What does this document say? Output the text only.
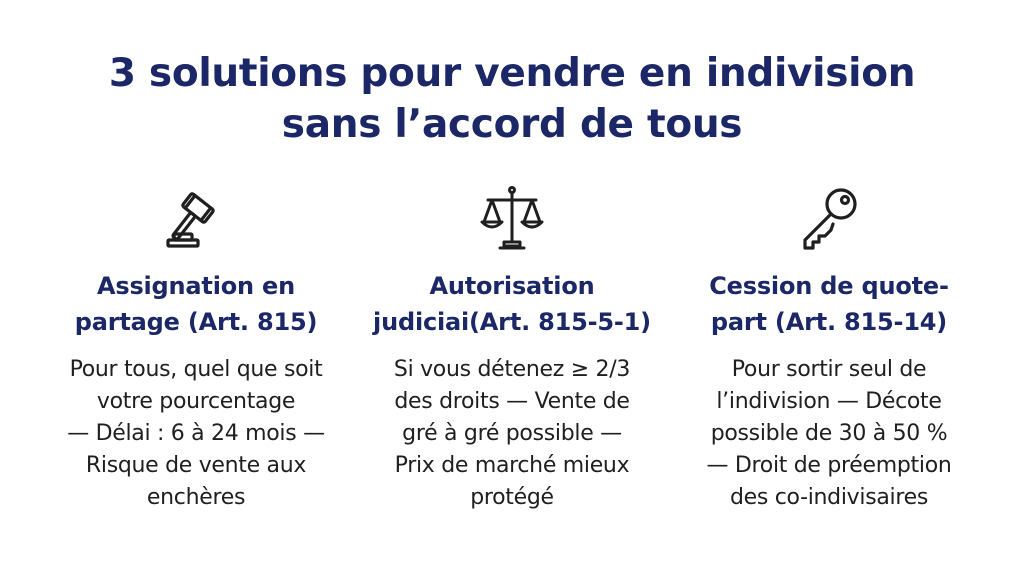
3 solutions pour vendre en indivision
sans l’accord de tous
Assignation en
partage (Art. 815)
Pour tous, quel que soit
votre pourcentage
— Délai : 6 à 24 mois —
Risque de vente aux
enchères
Autorisation
judiciai(Art. 815-5-1)
Si vous détenez ≥ 2/3
des droits — Vente de
gré à gré possible —
Prix de marché mieux
protégé
Cession de quote-
part (Art. 815-14)
Pour sortir seul de
l’indivision — Décote
possible de 30 à 50 %
— Droit de préemption
des co-indivisaires
